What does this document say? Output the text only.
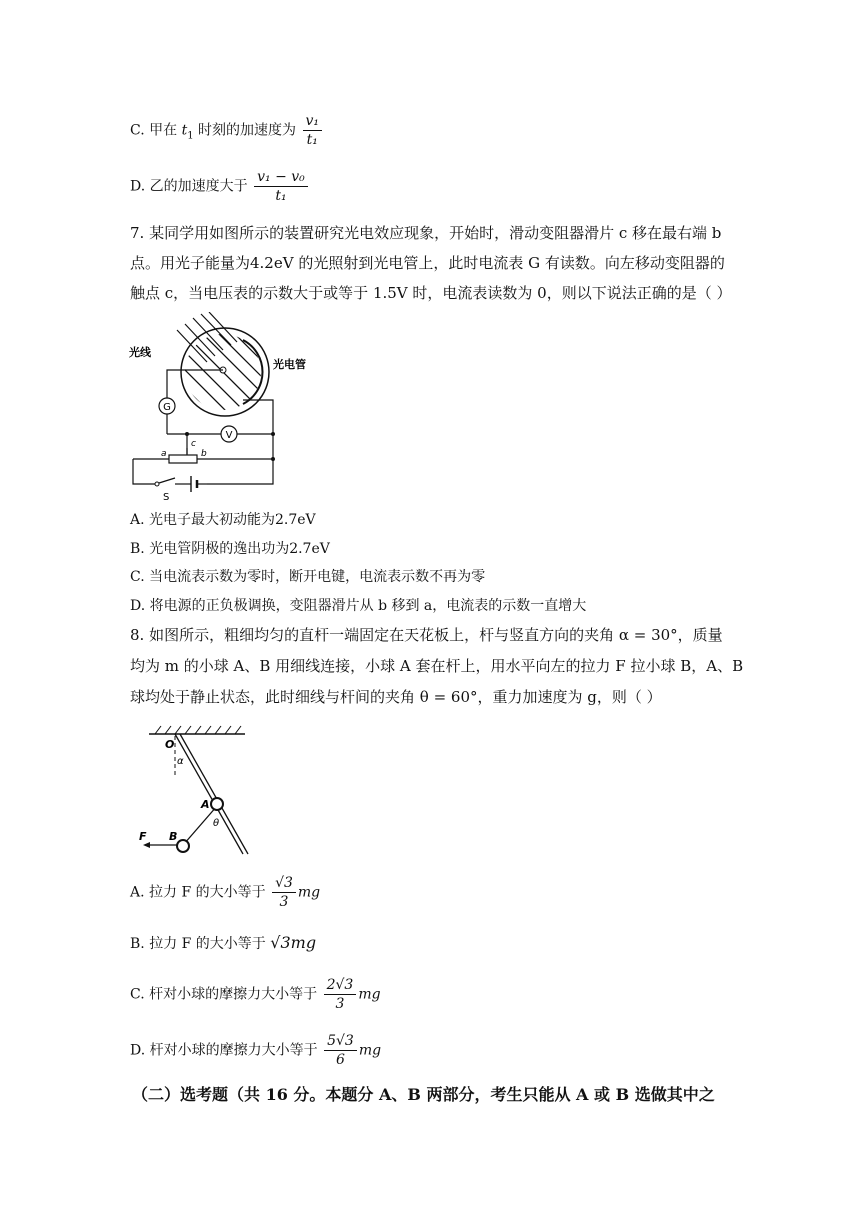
C. 甲在 $t_1$ 时刻的加速度为 $\frac{\text{v₁}}{\text{t₁}}$
D. 乙的加速度大于 $\frac{\text{v₁ − v₀}}{\text{t₁}}$
7. 某同学用如图所示的装置研究光电效应现象，开始时，滑动变阻器滑片 c 移在最右端 b
点。用光子能量为4.2eV 的光照射到光电管上，此时电流表 G 有读数。向左移动变阻器的
触点 c，当电压表的示数大于或等于 1.5V 时，电流表读数为 0，则以下说法正确的是（ ）
G
V
c
a	b
S
光线
光电管
A. 光电子最大初动能为2.7eV
B. 光电管阴极的逸出功为2.7eV
C. 当电流表示数为零时，断开电键，电流表示数不再为零
D. 将电源的正负极调换，变阻器滑片从 b 移到 a，电流表的示数一直增大
8. 如图所示，粗细均匀的直杆一端固定在天花板上，杆与竖直方向的夹角 α = 30°，质量
均为 m 的小球 A、B 用细线连接，小球 A 套在杆上，用水平向左的拉力 F 拉小球 B，A、B
球均处于静止状态，此时细线与杆间的夹角 θ = 60°，重力加速度为 g，则（ ）
O
α
A
θ
B
F
A. 拉力 F 的大小等于 $\frac{√3}{3}$ mg
B. 拉力 F 的大小等于 √3mg
C. 杆对小球的摩擦力大小等于 $\frac{2√3}{3}$ mg
D. 杆对小球的摩擦力大小等于 $\frac{5√3}{6}$ mg
（二）选考题（共 16 分。本题分 A、B 两部分，考生只能从 A 或 B 选做其中之
